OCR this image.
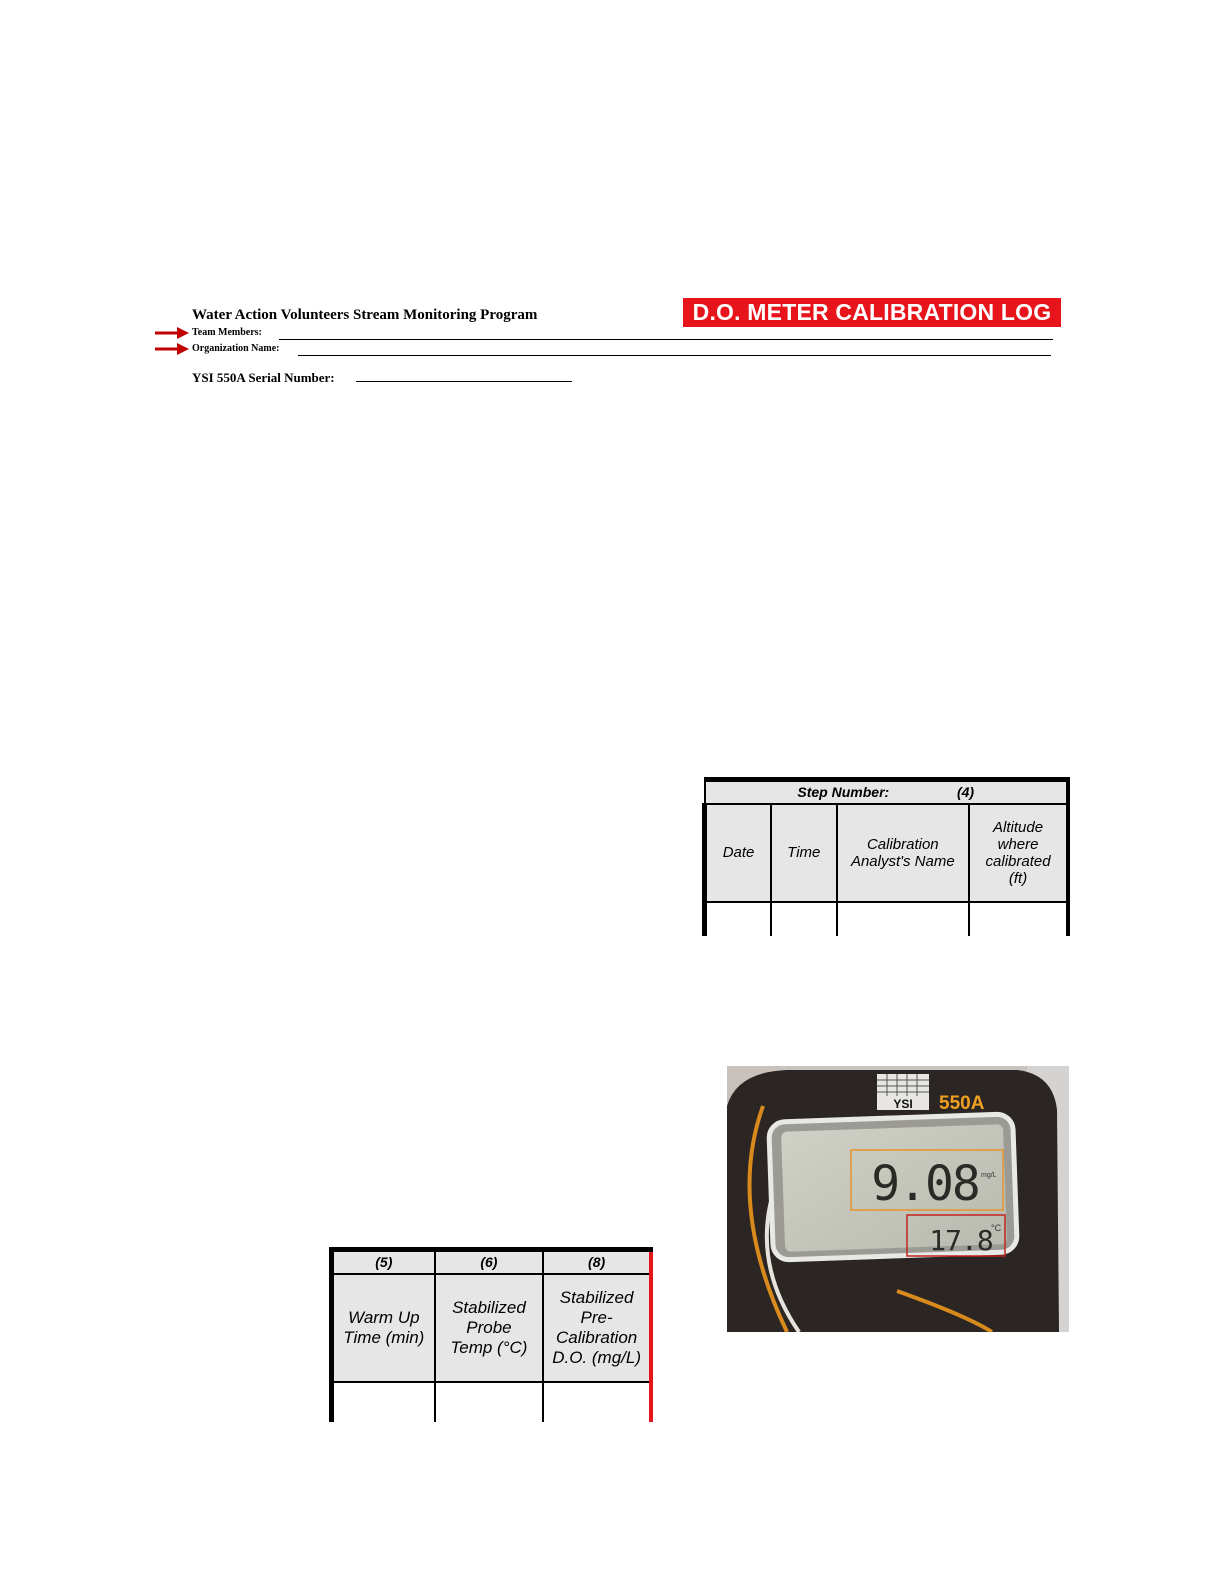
Water Action Volunteers Stream Monitoring Program	D.O. METER CALIBRATION LOG
Team Members:
Organization Name:
YSI 550A Serial Number:
Step Number: (4)			
Date	Time	Calibration Analyst's Name	Altitude where calibrated (ft)

(5)	(6)	(8)
Warm Up Time (min)	Stabilized Probe Temp (°C)	Stabilized Pre-Calibration D.O. (mg/L)

YSI 550A
9.08 mg/L
17.8
°C
